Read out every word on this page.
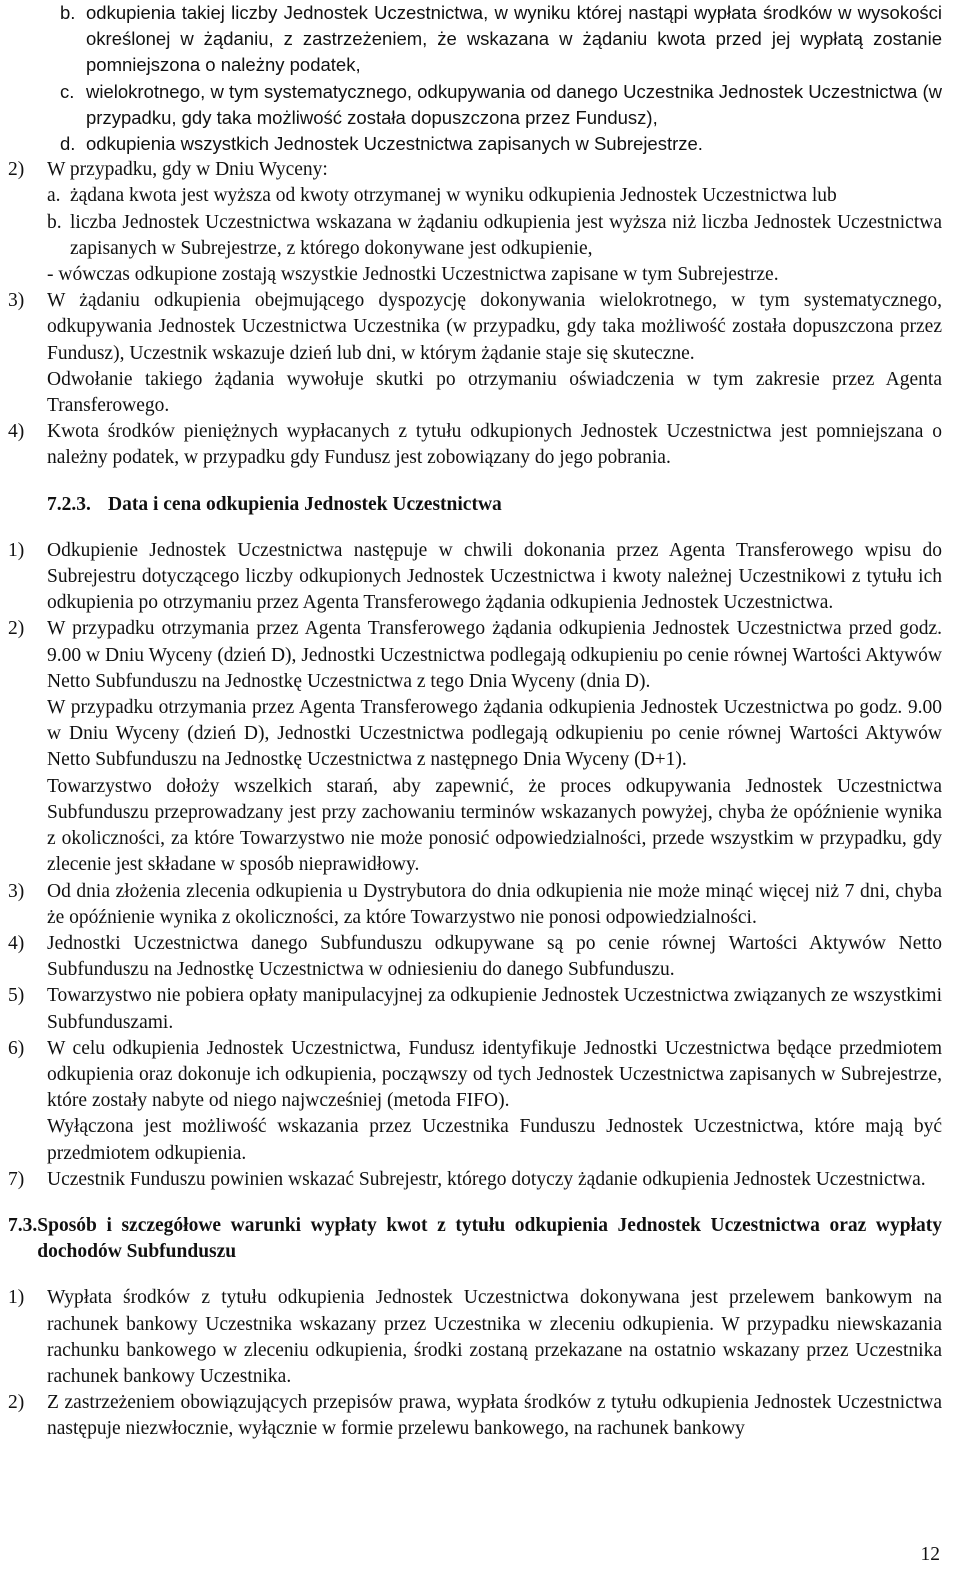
b. odkupienia takiej liczby Jednostek Uczestnictwa, w wyniku której nastąpi wypłata środków w wysokości określonej w żądaniu, z zastrzeżeniem, że wskazana w żądaniu kwota przed jej wypłatą zostanie pomniejszona o należny podatek,
c. wielokrotnego, w tym systematycznego, odkupywania od danego Uczestnika Jednostek Uczestnictwa (w przypadku, gdy taka możliwość została dopuszczona przez Fundusz),
d. odkupienia wszystkich Jednostek Uczestnictwa zapisanych w Subrejestrze.
2)	W przypadku, gdy w Dniu Wyceny:
a. żądana kwota jest wyższa od kwoty otrzymanej w wyniku odkupienia Jednostek Uczestnictwa lub
b. liczba Jednostek Uczestnictwa wskazana w żądaniu odkupienia jest wyższa niż liczba Jednostek Uczestnictwa zapisanych w Subrejestrze, z którego dokonywane jest odkupienie,
- wówczas odkupione zostają wszystkie Jednostki Uczestnictwa zapisane w tym Subrejestrze.
3)	W żądaniu odkupienia obejmującego dyspozycję dokonywania wielokrotnego, w tym systematycznego, odkupywania Jednostek Uczestnictwa Uczestnika (w przypadku, gdy taka możliwość została dopuszczona przez Fundusz), Uczestnik wskazuje dzień lub dni, w którym żądanie staje się skuteczne.
Odwołanie takiego żądania wywołuje skutki po otrzymaniu oświadczenia w tym zakresie przez Agenta Transferowego.
4)	Kwota środków pieniężnych wypłacanych z tytułu odkupionych Jednostek Uczestnictwa jest pomniejszana o należny podatek, w przypadku gdy Fundusz jest zobowiązany do jego pobrania.
7.2.3. Data i cena odkupienia Jednostek Uczestnictwa
1)	Odkupienie Jednostek Uczestnictwa następuje w chwili dokonania przez Agenta Transferowego wpisu do Subrejestru dotyczącego liczby odkupionych Jednostek Uczestnictwa i kwoty należnej Uczestnikowi z tytułu ich odkupienia po otrzymaniu przez Agenta Transferowego żądania odkupienia Jednostek Uczestnictwa.
2)	W przypadku otrzymania przez Agenta Transferowego żądania odkupienia Jednostek Uczestnictwa przed godz. 9.00 w Dniu Wyceny (dzień D), Jednostki Uczestnictwa podlegają odkupieniu po cenie równej Wartości Aktywów Netto Subfunduszu na Jednostkę Uczestnictwa z tego Dnia Wyceny (dnia D).
W przypadku otrzymania przez Agenta Transferowego żądania odkupienia Jednostek Uczestnictwa po godz. 9.00 w Dniu Wyceny (dzień D), Jednostki Uczestnictwa podlegają odkupieniu po cenie równej Wartości Aktywów Netto Subfunduszu na Jednostkę Uczestnictwa z następnego Dnia Wyceny (D+1).
Towarzystwo dołoży wszelkich starań, aby zapewnić, że proces odkupywania Jednostek Uczestnictwa Subfunduszu przeprowadzany jest przy zachowaniu terminów wskazanych powyżej, chyba że opóźnienie wynika z okoliczności, za które Towarzystwo nie może ponosić odpowiedzialności, przede wszystkim w przypadku, gdy zlecenie jest składane w sposób nieprawidłowy.
3)	Od dnia złożenia zlecenia odkupienia u Dystrybutora do dnia odkupienia nie może minąć więcej niż 7 dni, chyba że opóźnienie wynika z okoliczności, za które Towarzystwo nie ponosi odpowiedzialności.
4)	Jednostki Uczestnictwa danego Subfunduszu odkupywane są po cenie równej Wartości Aktywów Netto Subfunduszu na Jednostkę Uczestnictwa w odniesieniu do danego Subfunduszu.
5)	Towarzystwo nie pobiera opłaty manipulacyjnej za odkupienie Jednostek Uczestnictwa związanych ze wszystkimi Subfunduszami.
6)	W celu odkupienia Jednostek Uczestnictwa, Fundusz identyfikuje Jednostki Uczestnictwa będące przedmiotem odkupienia oraz dokonuje ich odkupienia, począwszy od tych Jednostek Uczestnictwa zapisanych w Subrejestrze, które zostały nabyte od niego najwcześniej (metoda FIFO).
Wyłączona jest możliwość wskazania przez Uczestnika Funduszu Jednostek Uczestnictwa, które mają być przedmiotem odkupienia.
7)	Uczestnik Funduszu powinien wskazać Subrejestr, którego dotyczy żądanie odkupienia Jednostek Uczestnictwa.
7.3. Sposób i szczegółowe warunki wypłaty kwot z tytułu odkupienia Jednostek Uczestnictwa oraz wypłaty dochodów Subfunduszu
1)	Wypłata środków z tytułu odkupienia Jednostek Uczestnictwa dokonywana jest przelewem bankowym na rachunek bankowy Uczestnika wskazany przez Uczestnika w zleceniu odkupienia. W przypadku niewskazania rachunku bankowego w zleceniu odkupienia, środki zostaną przekazane na ostatnio wskazany przez Uczestnika rachunek bankowy Uczestnika.
2)	Z zastrzeżeniem obowiązujących przepisów prawa, wypłata środków z tytułu odkupienia Jednostek Uczestnictwa następuje niezwłocznie, wyłącznie w formie przelewu bankowego, na rachunek bankowy
12
